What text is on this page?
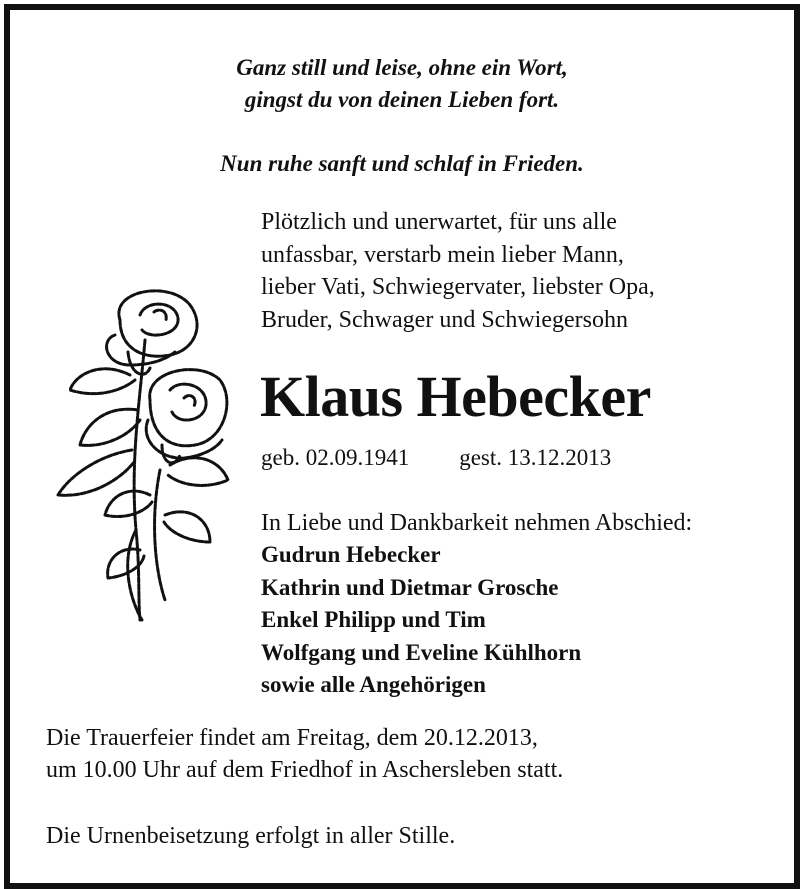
Ganz still und leise, ohne ein Wort,
gingst du von deinen Lieben fort.
Nun ruhe sanft und schlaf in Frieden.
Plötzlich und unerwartet, für uns alle
unfassbar, verstarb mein lieber Mann,
lieber Vati, Schwiegervater, liebster Opa,
Bruder, Schwager und Schwiegersohn
Klaus Hebecker
geb. 02.09.1941 gest. 13.12.2013
In Liebe und Dankbarkeit nehmen Abschied:
Gudrun Hebecker
Kathrin und Dietmar Grosche
Enkel Philipp und Tim
Wolfgang und Eveline Kühlhorn
sowie alle Angehörigen
Die Trauerfeier findet am Freitag, dem 20.12.2013,
um 10.00 Uhr auf dem Friedhof in Aschersleben statt.
Die Urnenbeisetzung erfolgt in aller Stille.
